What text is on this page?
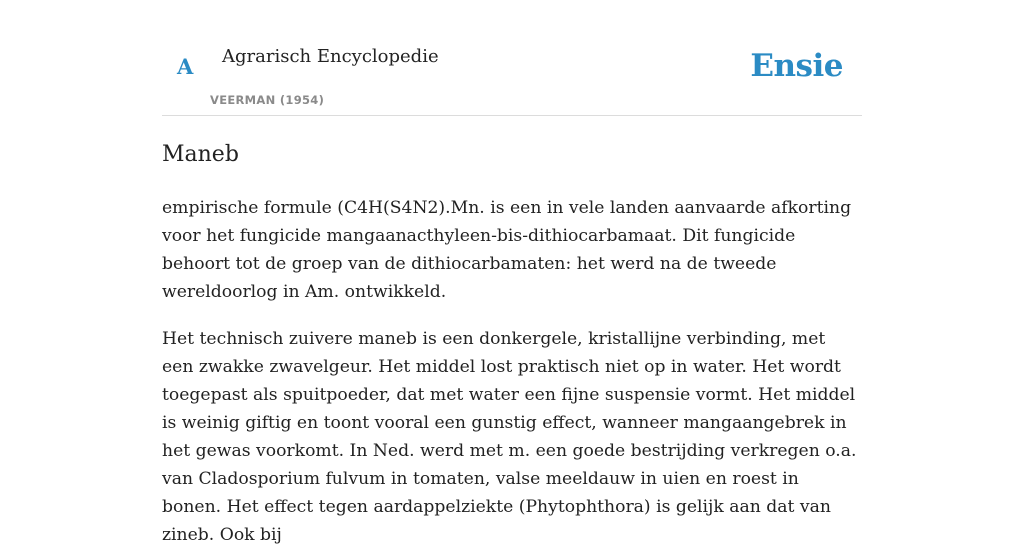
A Agrarisch Encyclopedie
VEERMAN (1954)
Ensie
Maneb

empirische formule (C4H(S4N2).Mn. is een in vele landen aanvaarde afkorting voor het fungicide mangaanacthyleen-bis-dithiocarbamaat. Dit fungicide behoort tot de groep van de dithiocarbamaten: het werd na de tweede wereldoorlog in Am. ontwikkeld.

Het technisch zuivere maneb is een donkergele, kristallijne verbinding, met een zwakke zwavelgeur. Het middel lost praktisch niet op in water. Het wordt toegepast als spuitpoeder, dat met water een fijne suspensie vormt. Het middel is weinig giftig en toont vooral een gunstig effect, wanneer mangaangebrek in het gewas voorkomt. In Ned. werd met m. een goede bestrijding verkregen o.a. van Cladosporium fulvum in tomaten, valse meeldauw in uien en roest in bonen. Het effect tegen aardappelziekte (Phytophthora) is gelijk aan dat van zineb. Ook bij
